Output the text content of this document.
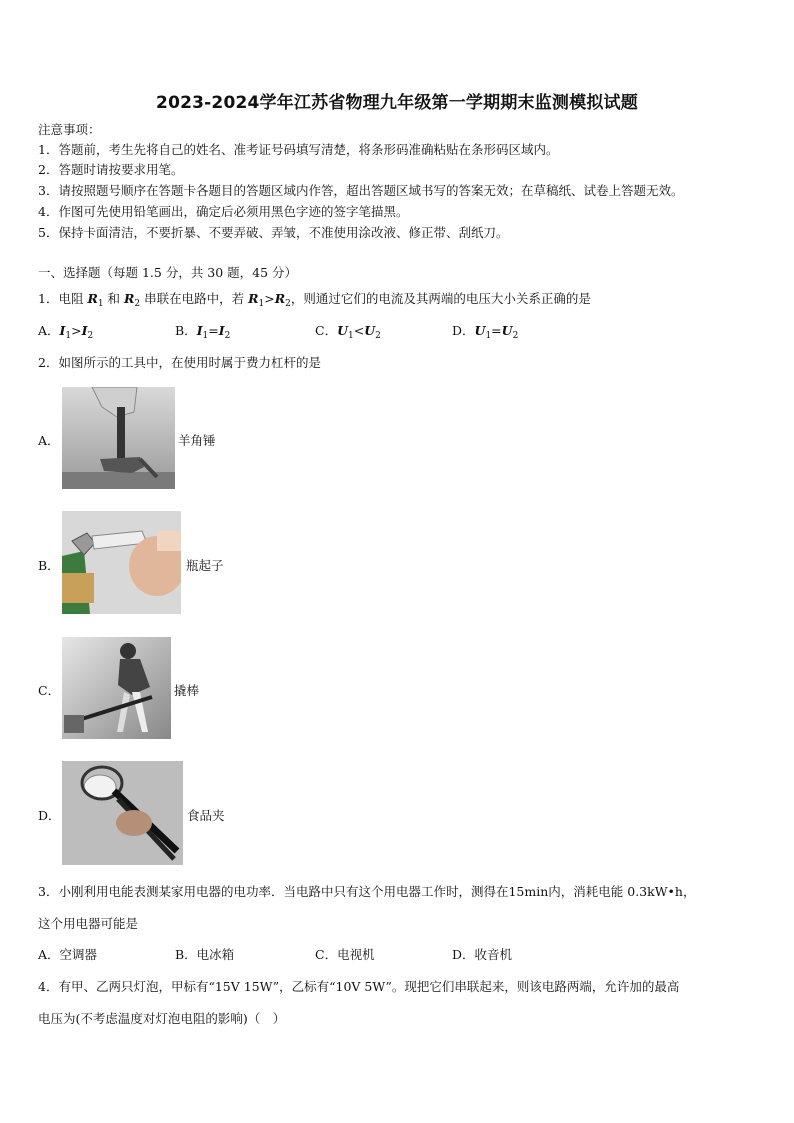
2023-2024学年江苏省物理九年级第一学期期末监测模拟试题
注意事项：
1．答题前，考生先将自己的姓名、准考证号码填写清楚，将条形码准确粘贴在条形码区域内。
2．答题时请按要求用笔。
3．请按照题号顺序在答题卡各题目的答题区域内作答，超出答题区域书写的答案无效；在草稿纸、试卷上答题无效。
4．作图可先使用铅笔画出，确定后必须用黑色字迹的签字笔描黑。
5．保持卡面清洁，不要折暴、不要弄破、弄皱，不准使用涂改液、修正带、刮纸刀。
一、选择题（每题 1.5 分，共 30 题，45 分）
1．电阻 $R_1$ 和 $R_2$ 串联在电路中，若 $R_1>R_2$，则通过它们的电流及其两端的电压大小关系正确的是
A．$I_1>I_2$	B．$I_1=I_2$	C．$U_1<U_2$	D．$U_1=U_2$
2．如图所示的工具中，在使用时属于费力杠杆的是
A．	羊角锤
B．	瓶起子
C．	撬棒
D．	食品夹
3．小刚利用电能表测某家用电器的电功率．当电路中只有这个用电器工作时，测得在15min内，消耗电能 0.3kW•h，
这个用电器可能是
A．空调器	B．电冰箱	C．电视机	D．收音机
4．有甲、乙两只灯泡，甲标有“15V 15W”，乙标有“10V 5W”。现把它们串联起来，则该电路两端，允许加的最高
电压为(不考虑温度对灯泡电阻的影响)（　）
